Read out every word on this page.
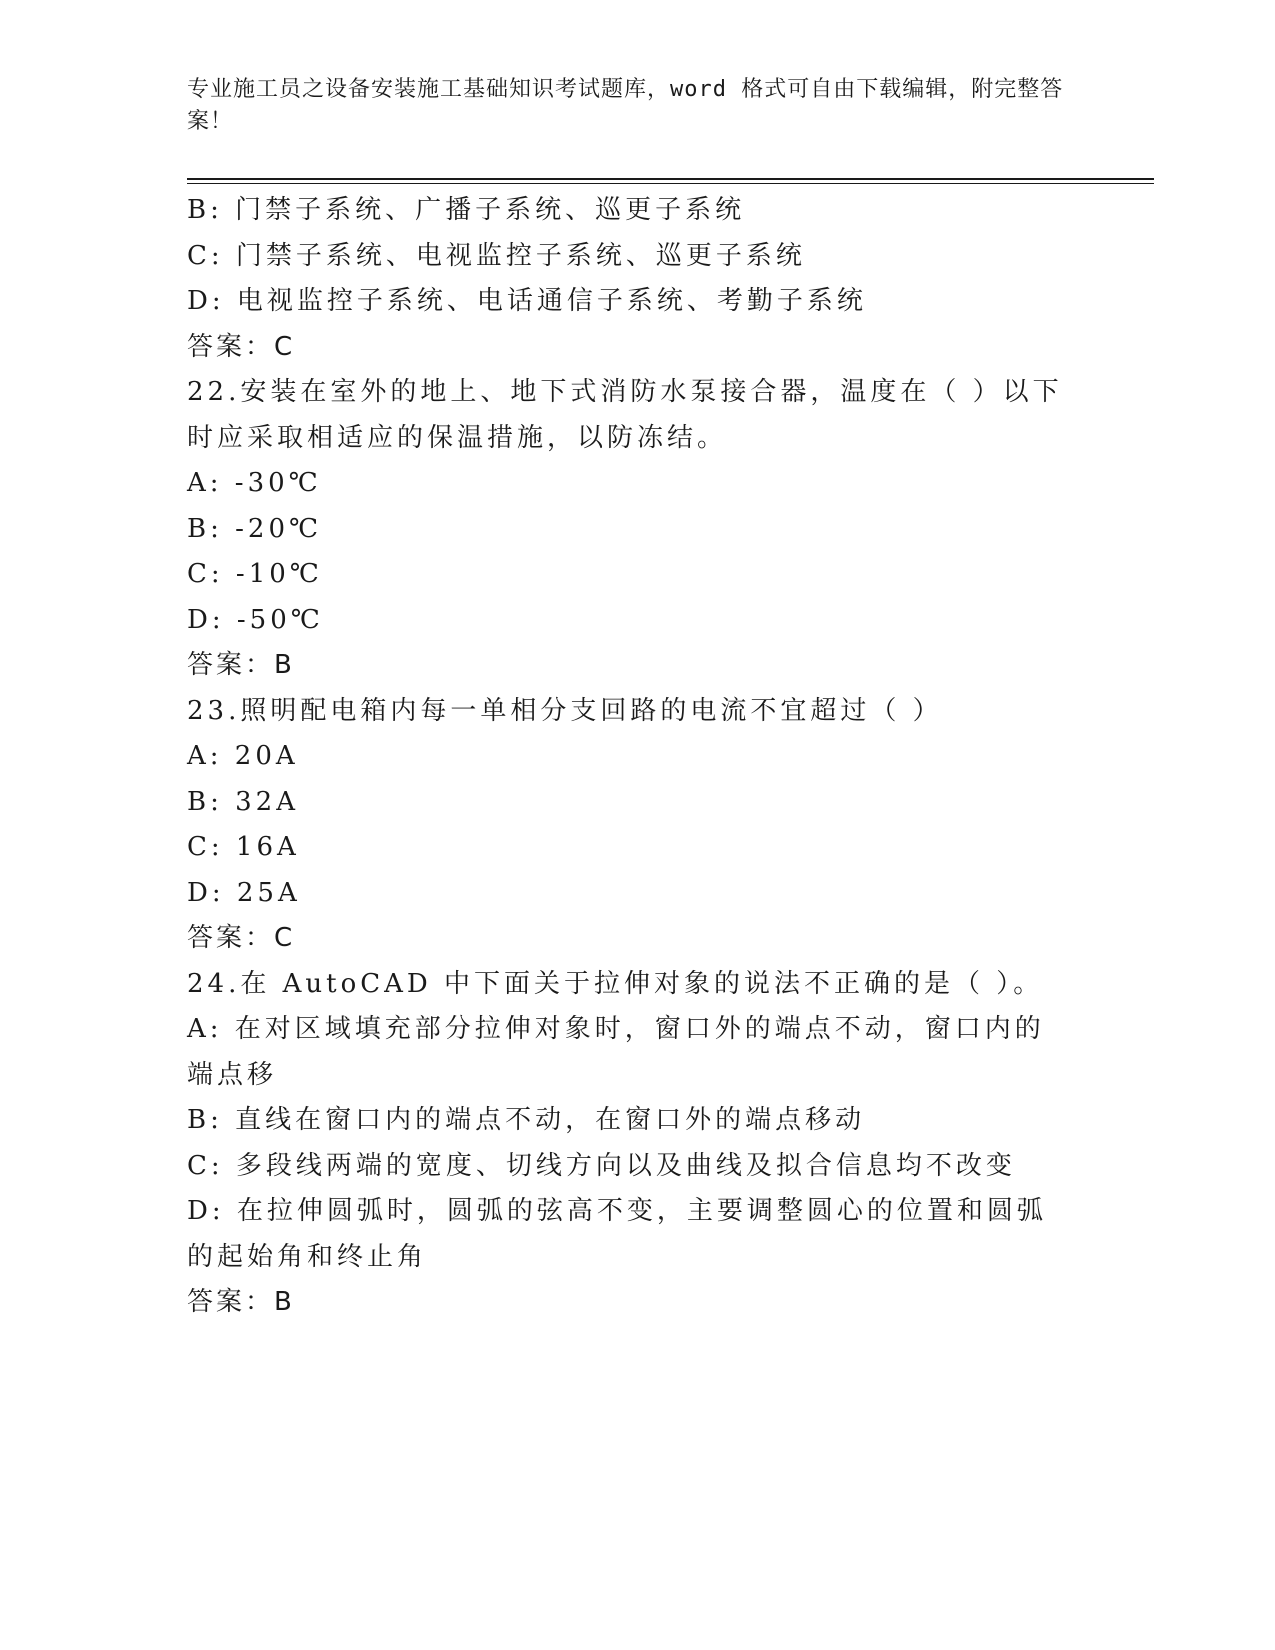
专业施工员之设备安装施工基础知识考试题库，word 格式可自由下载编辑，附完整答案！
B: 门禁子系统、广播子系统、巡更子系统
C: 门禁子系统、电视监控子系统、巡更子系统
D: 电视监控子系统、电话通信子系统、考勤子系统
答案：C
22.安装在室外的地上、地下式消防水泵接合器，温度在（ ）以下时应采取相适应的保温措施，以防冻结。
A: -30℃
B: -20℃
C: -10℃
D: -50℃
答案：B
23.照明配电箱内每一单相分支回路的电流不宜超过（ ）
A: 20A
B: 32A
C: 16A
D: 25A
答案：C
24.在 AutoCAD 中下面关于拉伸对象的说法不正确的是（ ）。
A: 在对区域填充部分拉伸对象时，窗口外的端点不动，窗口内的端点移
B: 直线在窗口内的端点不动，在窗口外的端点移动
C: 多段线两端的宽度、切线方向以及曲线及拟合信息均不改变
D: 在拉伸圆弧时，圆弧的弦高不变，主要调整圆心的位置和圆弧的起始角和终止角
答案：B
